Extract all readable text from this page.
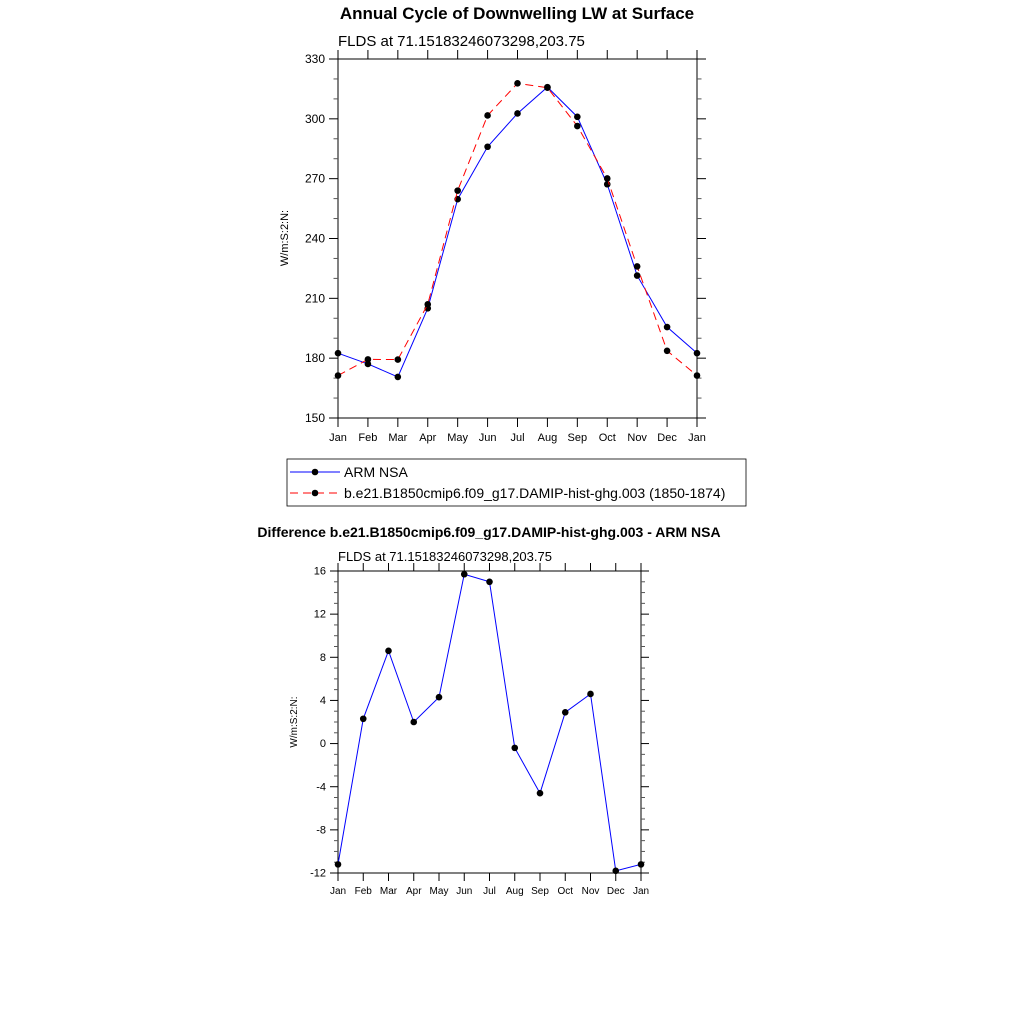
Annual Cycle of Downwelling LW at Surface
FLDS at 71.15183246073298,203.75
Jan Feb Mar Apr May Jun Jul Aug Sep Oct Nov Dec Jan
150
180
210
240
270
300
330
W/m:S:2:N:
ARM NSA
b.e21.B1850cmip6.f09_g17.DAMIP-hist-ghg.003 (1850-1874)
Difference b.e21.B1850cmip6.f09_g17.DAMIP-hist-ghg.003 - ARM NSA
FLDS at 71.15183246073298,203.75
Jan Feb Mar Apr May Jun Jul Aug Sep Oct Nov Dec Jan
-12
-8
-4
0
4
8
12
16
W/m:S:2:N:
